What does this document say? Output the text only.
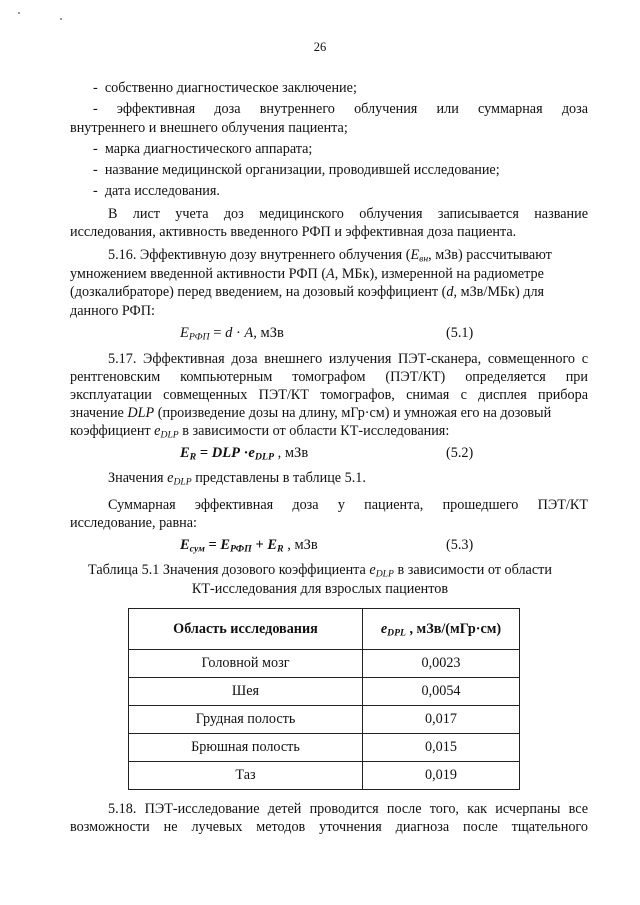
26
- собственно диагностическое заключение;
- эффективная доза внутреннего облучения или суммарная доза
внутреннего и внешнего облучения пациента;
- марка диагностического аппарата;
- название медицинской организации, проводившей исследование;
- дата исследования.
В лист учета доз медицинского облучения записывается название
исследования, активность введенного РФП и эффективная доза пациента.
5.16. Эффективную дозу внутреннего облучения ($E_{вн}$, мЗв) рассчитывают
умножением введенной активности РФП (A, МБк), измеренной на радиометре
(дозкалибраторе) перед введением, на дозовый коэффициент (d, мЗв/МБк) для
данного РФП:
$E_{РФП} = d \cdot A$, мЗв	(5.1)
5.17. Эффективная доза внешнего излучения ПЭТ-сканера, совмещенного с
рентгеновским компьютерным томографом (ПЭТ/КТ) определяется при
эксплуатации совмещенных ПЭТ/КТ томографов, снимая с дисплея прибора
значение DLP (произведение дозы на длину, мГр·см) и умножая его на дозовый
коэффициент $e_{DLP}$ в зависимости от области КТ-исследования:
$E_R$ = DLP $\cdot e_{DLP}$ , мЗв	(5.2)
Значения $e_{DLP}$ представлены в таблице 5.1.
Суммарная эффективная доза у пациента, прошедшего ПЭТ/КТ
исследование, равна:
$E_{сум} = E_{РФП} + E_R$ , мЗв	(5.3)
Таблица 5.1 Значения дозового коэффициента $e_{DLP}$ в зависимости от области
КТ-исследования для взрослых пациентов
Область исследования	$e_{DPL}$ , мЗв/(мГр·см)
Головной мозг	0,0023
Шея	0,0054
Грудная полость	0,017
Брюшная полость	0,015
Таз	0,019
5.18. ПЭТ-исследование детей проводится после того, как исчерпаны все
возможности не лучевых методов уточнения диагноза после тщательного
